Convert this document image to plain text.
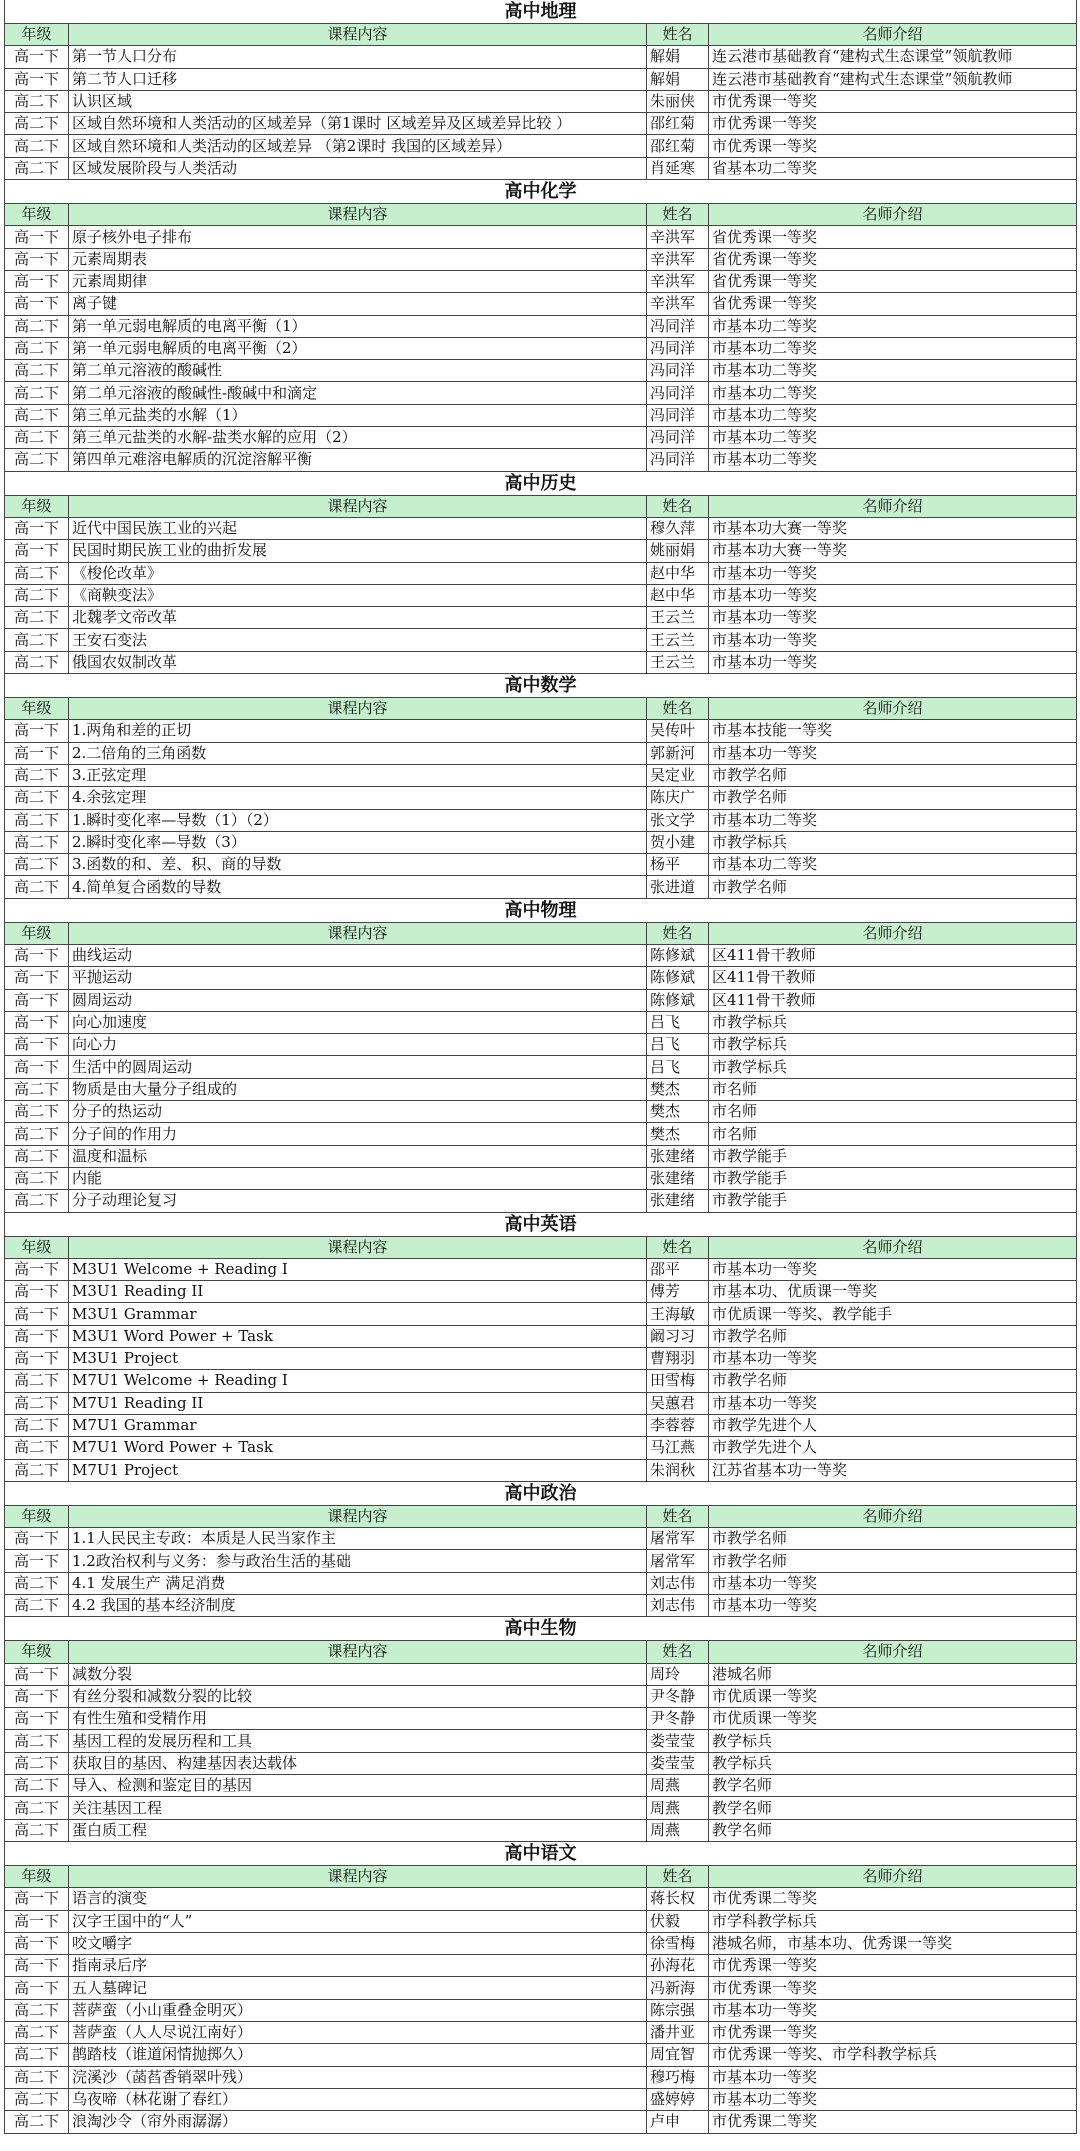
高中地理			
年级	课程内容	姓名	名师介绍
高一下	第一节人口分布	解娟	连云港市基础教育“建构式生态课堂”领航教师
高一下	第二节人口迁移	解娟	连云港市基础教育“建构式生态课堂”领航教师
高二下	认识区域	朱丽侠	市优秀课一等奖
高二下	区域自然环境和人类活动的区域差异（第1课时 区域差异及区域差异比较 ）	邵红菊	市优秀课一等奖
高二下	区域自然环境和人类活动的区域差异 （第2课时 我国的区域差异）	邵红菊	市优秀课一等奖
高二下	区域发展阶段与人类活动	肖延寒	省基本功二等奖
高中化学			
年级	课程内容	姓名	名师介绍
高一下	原子核外电子排布	辛洪军	省优秀课一等奖
高一下	元素周期表	辛洪军	省优秀课一等奖
高一下	元素周期律	辛洪军	省优秀课一等奖
高一下	离子键	辛洪军	省优秀课一等奖
高二下	第一单元弱电解质的电离平衡（1）	冯同洋	市基本功二等奖
高二下	第一单元弱电解质的电离平衡（2）	冯同洋	市基本功二等奖
高二下	第二单元溶液的酸碱性	冯同洋	市基本功二等奖
高二下	第二单元溶液的酸碱性-酸碱中和滴定	冯同洋	市基本功二等奖
高二下	第三单元盐类的水解（1）	冯同洋	市基本功二等奖
高二下	第三单元盐类的水解-盐类水解的应用（2）	冯同洋	市基本功二等奖
高二下	第四单元难溶电解质的沉淀溶解平衡	冯同洋	市基本功二等奖
高中历史			
年级	课程内容	姓名	名师介绍
高一下	近代中国民族工业的兴起	穆久萍	市基本功大赛一等奖
高一下	民国时期民族工业的曲折发展	姚丽娟	市基本功大赛一等奖
高二下	《梭伦改革》	赵中华	市基本功一等奖
高二下	《商鞅变法》	赵中华	市基本功一等奖
高二下	北魏孝文帝改革	王云兰	市基本功一等奖
高二下	王安石变法	王云兰	市基本功一等奖
高二下	俄国农奴制改革	王云兰	市基本功一等奖
高中数学			
年级	课程内容	姓名	名师介绍
高一下	1.两角和差的正切	吴传叶	市基本技能一等奖
高一下	2.二倍角的三角函数	郭新河	市基本功一等奖
高二下	3.正弦定理	吴定业	市教学名师
高二下	4.余弦定理	陈庆广	市教学名师
高二下	1.瞬时变化率—导数（1）（2）	张文学	市基本功二等奖
高二下	2.瞬时变化率—导数（3）	贺小建	市教学标兵
高二下	3.函数的和、差、积、商的导数	杨平	市基本功二等奖
高二下	4.简单复合函数的导数	张进道	市教学名师
高中物理			
年级	课程内容	姓名	名师介绍
高一下	曲线运动	陈修斌	区411骨干教师
高一下	平抛运动	陈修斌	区411骨干教师
高一下	圆周运动	陈修斌	区411骨干教师
高一下	向心加速度	吕飞	市教学标兵
高一下	向心力	吕飞	市教学标兵
高一下	生活中的圆周运动	吕飞	市教学标兵
高二下	物质是由大量分子组成的	樊杰	市名师
高二下	分子的热运动	樊杰	市名师
高二下	分子间的作用力	樊杰	市名师
高二下	温度和温标	张建绪	市教学能手
高二下	内能	张建绪	市教学能手
高二下	分子动理论复习	张建绪	市教学能手
高中英语			
年级	课程内容	姓名	名师介绍
高一下	M3U1 Welcome + Reading I	邵平	市基本功一等奖
高一下	M3U1 Reading II	傅芳	市基本功、优质课一等奖
高一下	M3U1 Grammar	王海敏	市优质课一等奖、教学能手
高一下	M3U1 Word Power + Task	阚习习	市教学名师
高一下	M3U1 Project	曹翔羽	市基本功一等奖
高二下	M7U1 Welcome + Reading I	田雪梅	市教学名师
高二下	M7U1 Reading II	吴蕙君	市基本功一等奖
高二下	M7U1 Grammar	李蓉蓉	市教学先进个人
高二下	M7U1 Word Power + Task	马江燕	市教学先进个人
高二下	M7U1 Project	朱润秋	江苏省基本功一等奖
高中政治			
年级	课程内容	姓名	名师介绍
高一下	1.1人民民主专政：本质是人民当家作主	屠常军	市教学名师
高一下	1.2政治权利与义务：参与政治生活的基础	屠常军	市教学名师
高二下	4.1 发展生产 满足消费	刘志伟	市基本功一等奖
高二下	4.2 我国的基本经济制度	刘志伟	市基本功一等奖
高中生物			
年级	课程内容	姓名	名师介绍
高一下	减数分裂	周玲	港城名师
高一下	有丝分裂和减数分裂的比较	尹冬静	市优质课一等奖
高一下	有性生殖和受精作用	尹冬静	市优质课一等奖
高二下	基因工程的发展历程和工具	娄莹莹	教学标兵
高二下	获取目的基因、构建基因表达载体	娄莹莹	教学标兵
高二下	导入、检测和鉴定目的基因	周燕	教学名师
高二下	关注基因工程	周燕	教学名师
高二下	蛋白质工程	周燕	教学名师
高中语文			
年级	课程内容	姓名	名师介绍
高一下	语言的演变	蒋长权	市优秀课二等奖
高一下	汉字王国中的“人”	伏毅	市学科教学标兵
高一下	咬文嚼字	徐雪梅	港城名师，市基本功、优秀课一等奖
高一下	指南录后序	孙海花	市优秀课一等奖
高一下	五人墓碑记	冯新海	市优秀课一等奖
高二下	菩萨蛮（小山重叠金明灭）	陈宗强	市基本功一等奖
高二下	菩萨蛮（人人尽说江南好）	潘井亚	市优秀课一等奖
高二下	鹊踏枝（谁道闲情抛掷久）	周宜智	市优秀课一等奖、市学科教学标兵
高二下	浣溪沙（菡萏香销翠叶残）	穆巧梅	市基本功一等奖
高二下	乌夜啼（林花谢了春红）	盛婷婷	市基本功二等奖
高二下	浪淘沙令（帘外雨潺潺）	卢申	市优秀课二等奖
